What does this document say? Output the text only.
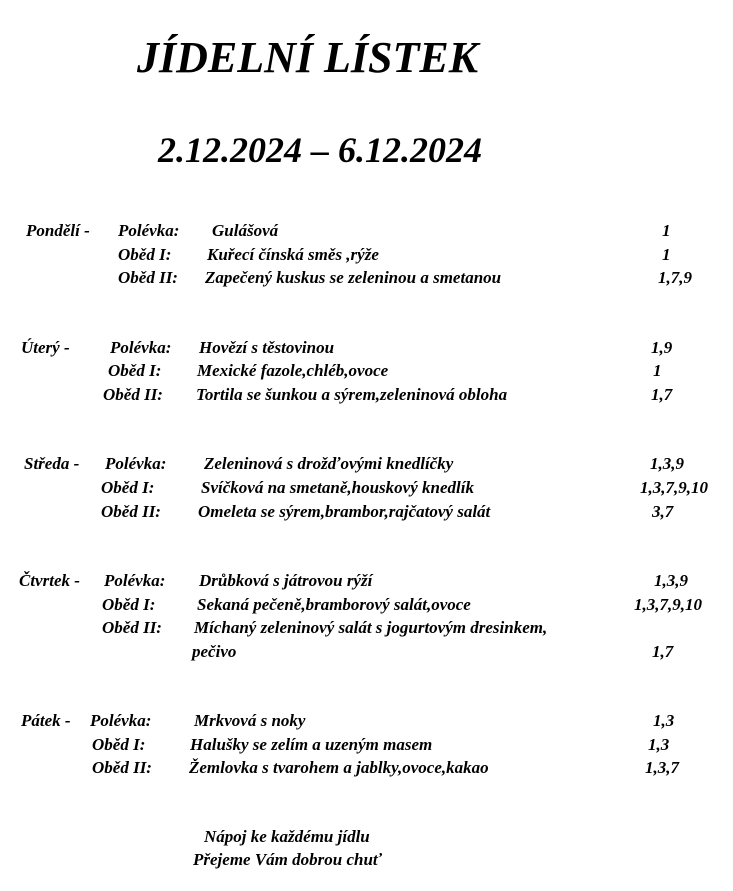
JÍDELNÍ LÍSTEK
2.12.2024 – 6.12.2024
Pondělí - Polévka: Gulášová	1
Oběd I: Kuřecí čínská směs ,rýže	1
Oběd II: Zapečený kuskus se zeleninou a smetanou	1,7,9
Úterý - Polévka: Hovězí s těstovinou	1,9
Oběd I: Mexické fazole,chléb,ovoce	1
Oběd II: Tortila se šunkou a sýrem,zeleninová obloha	1,7
Středa - Polévka: Zeleninová s drožďovými knedlíčky	1,3,9
Oběd I:	Svíčková na smetaně,houskový knedlík	1,3,7,9,10
Oběd II: Omeleta se sýrem,brambor,rajčatový salát	3,7
Čtvrtek - Polévka: Drůbková s játrovou rýží	1,3,9
Oběd I: Sekaná pečeně,bramborový salát,ovoce	1,3,7,9,10
Oběd II: Míchaný zeleninový salát s jogurtovým dresinkem,
pečivo	1,7
Pátek - Polévka:	Mrkvová s noky	1,3
Oběd I:	Halušky se zelím a uzeným masem	1,3
Oběd II: Žemlovka s tvarohem a jablky,ovoce,kakao	1,3,7
Nápoj ke každému jídlu
Přejeme Vám dobrou chuť
